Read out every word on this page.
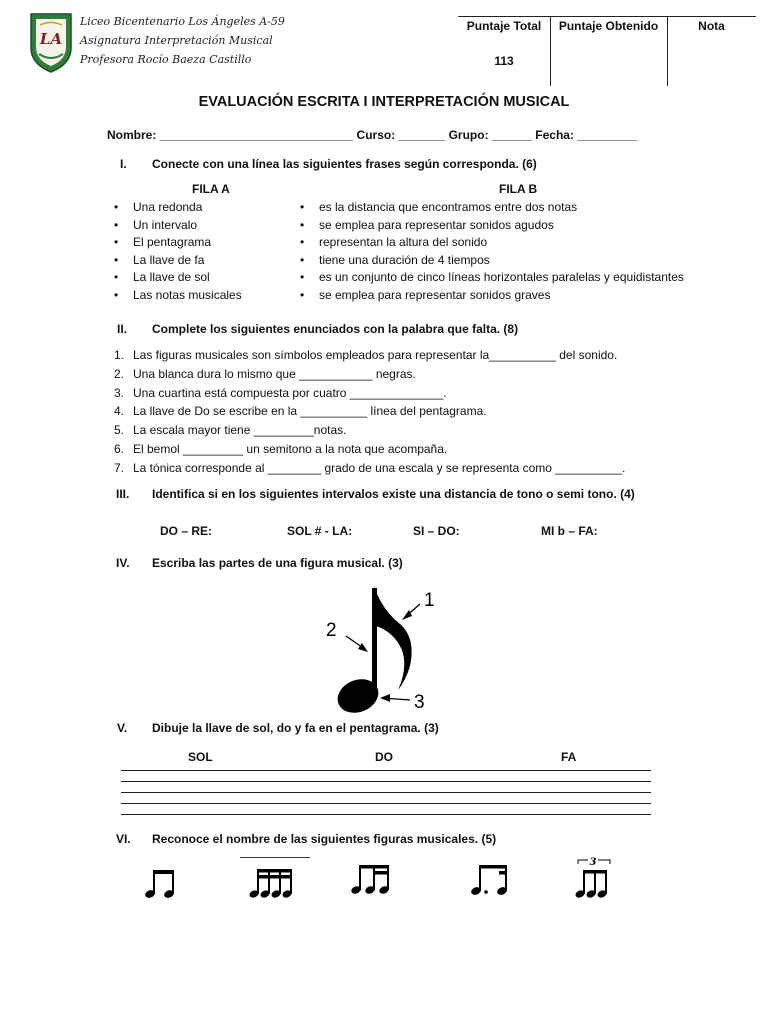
LA
Liceo Bicentenario Los Ángeles A-59
Asignatura Interpretación Musical
Profesora Rocío Baeza Castillo
Puntaje Total	Puntaje Obtenido	Nota
113
EVALUACIÓN ESCRITA I INTERPRETACIÓN MUSICAL
Nombre: _____________________________ Curso: _______ Grupo: ______ Fecha: _________
I. Conecte con una línea las siguientes frases según corresponda. (6)
FILA A	FILA B
• Una redonda
• Un intervalo
• El pentagrama
• La llave de fa
• La llave de sol
• Las notas musicales
• es la distancia que encontramos entre dos notas
• se emplea para representar sonidos agudos
• representan la altura del sonido
• tiene una duración de 4 tiempos
• es un conjunto de cinco líneas horizontales paralelas y equidistantes
• se emplea para representar sonidos graves
II. Complete los siguientes enunciados con la palabra que falta. (8)
1. Las figuras musicales son símbolos empleados para representar la__________ del sonido.
2. Una blanca dura lo mismo que ___________ negras.
3. Una cuartina está compuesta por cuatro ______________.
4. La llave de Do se escribe en la __________ línea del pentagrama.
5. La escala mayor tiene _________notas.
6. El bemol _________ un semitono a la nota que acompaña.
7. La tónica corresponde al ________ grado de una escala y se representa como __________.
III. Identifica si en los siguientes intervalos existe una distancia de tono o semi tono. (4)
DO – RE:	SOL # - LA:	SI – DO:	MI b – FA:
IV. Escriba las partes de una figura musical. (3)
1
2
3
V. Dibuje la llave de sol, do y fa en el pentagrama. (3)
SOL	DO	FA
VI. Reconoce el nombre de las siguientes figuras musicales. (5)
3
